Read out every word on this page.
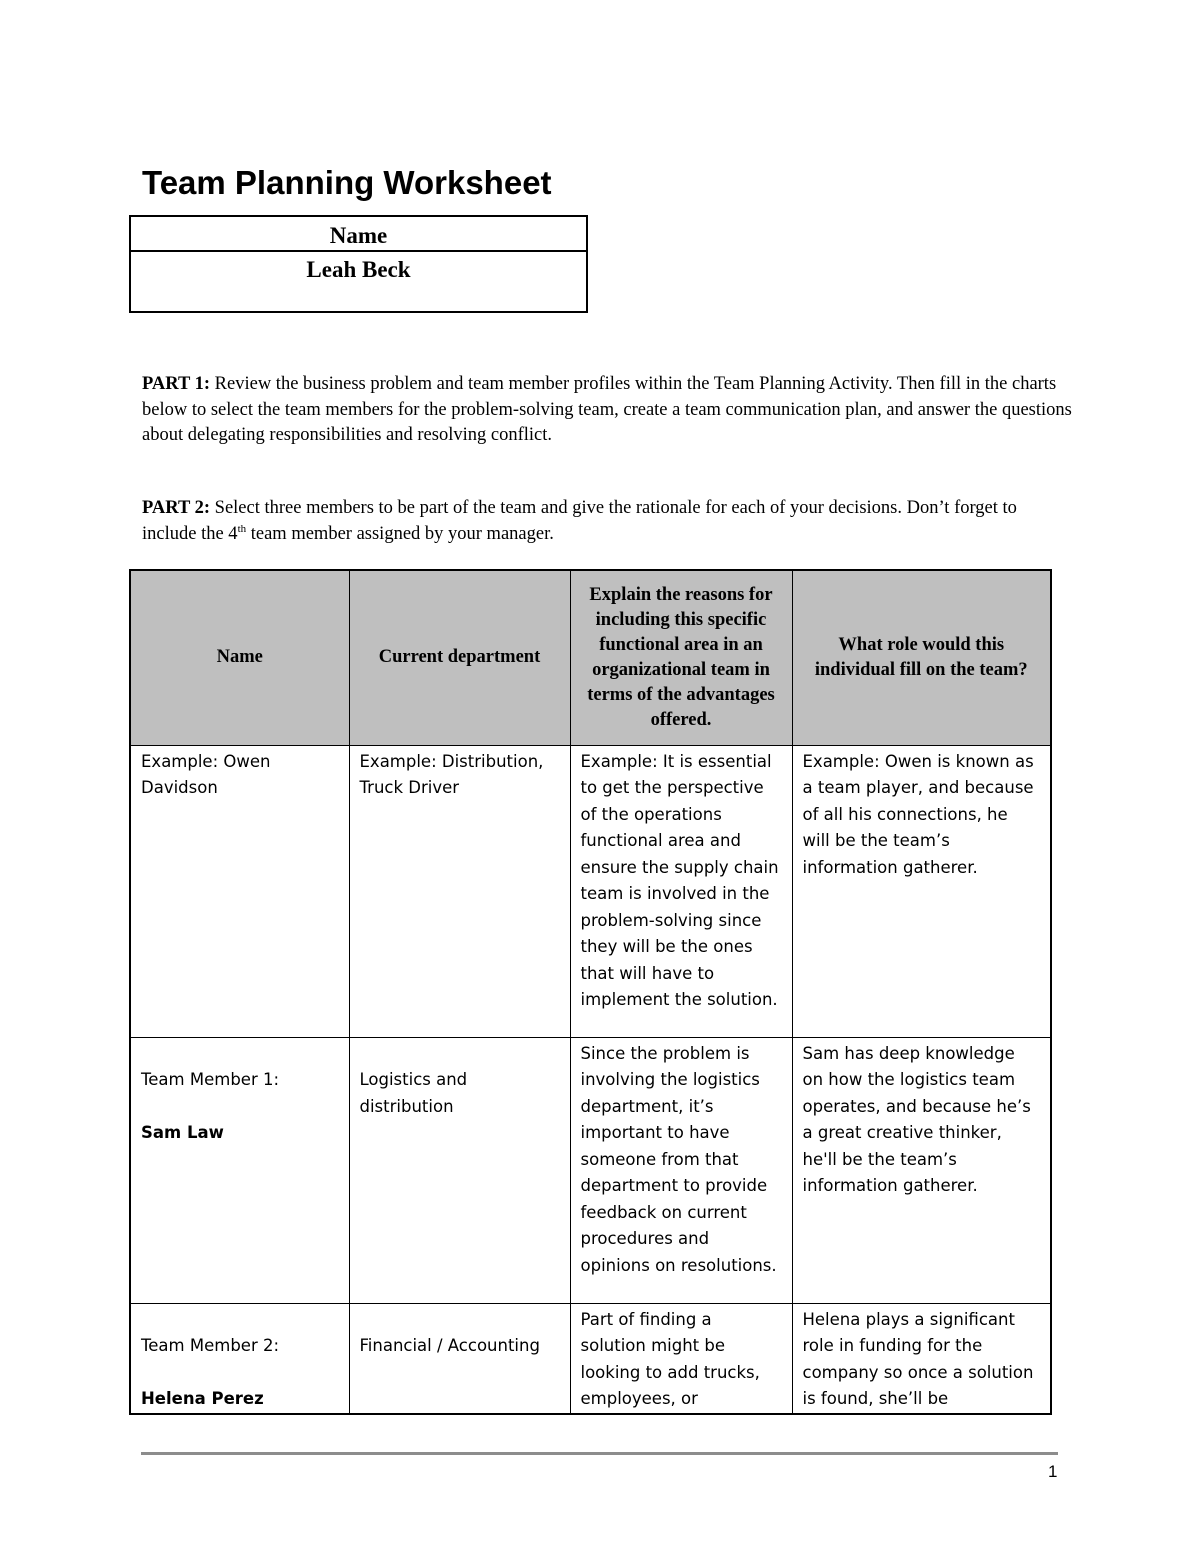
Team Planning Worksheet
Name
Leah Beck

PART 1: Review the business problem and team member profiles within the Team Planning Activity. Then fill in the charts below to select the team members for the problem-solving team, create a team communication plan, and answer the questions about delegating responsibilities and resolving conflict.

PART 2: Select three members to be part of the team and give the rationale for each of your decisions. Don’t forget to include the 4th team member assigned by your manager.

Name	Current department	Explain the reasons for including this specific functional area in an organizational team in terms of the advantages offered.	What role would this individual fill on the team?

Example: Owen Davidson	Example: Distribution, Truck Driver	Example: It is essential to get the perspective of the operations functional area and ensure the supply chain team is involved in the problem-solving since they will be the ones that will have to implement the solution.	Example: Owen is known as a team player, and because of all his connections, he will be the team’s information gatherer.

Team Member 1:
Sam Law	Logistics and distribution	Since the problem is involving the logistics department, it’s important to have someone from that department to provide feedback on current procedures and opinions on resolutions.	Sam has deep knowledge on how the logistics team operates, and because he’s a great creative thinker, he'll be the team’s information gatherer.

Team Member 2:
Helena Perez	Financial / Accounting	Part of finding a solution might be looking to add trucks, employees, or	Helena plays a significant role in funding for the company so once a solution is found, she’ll be
1
